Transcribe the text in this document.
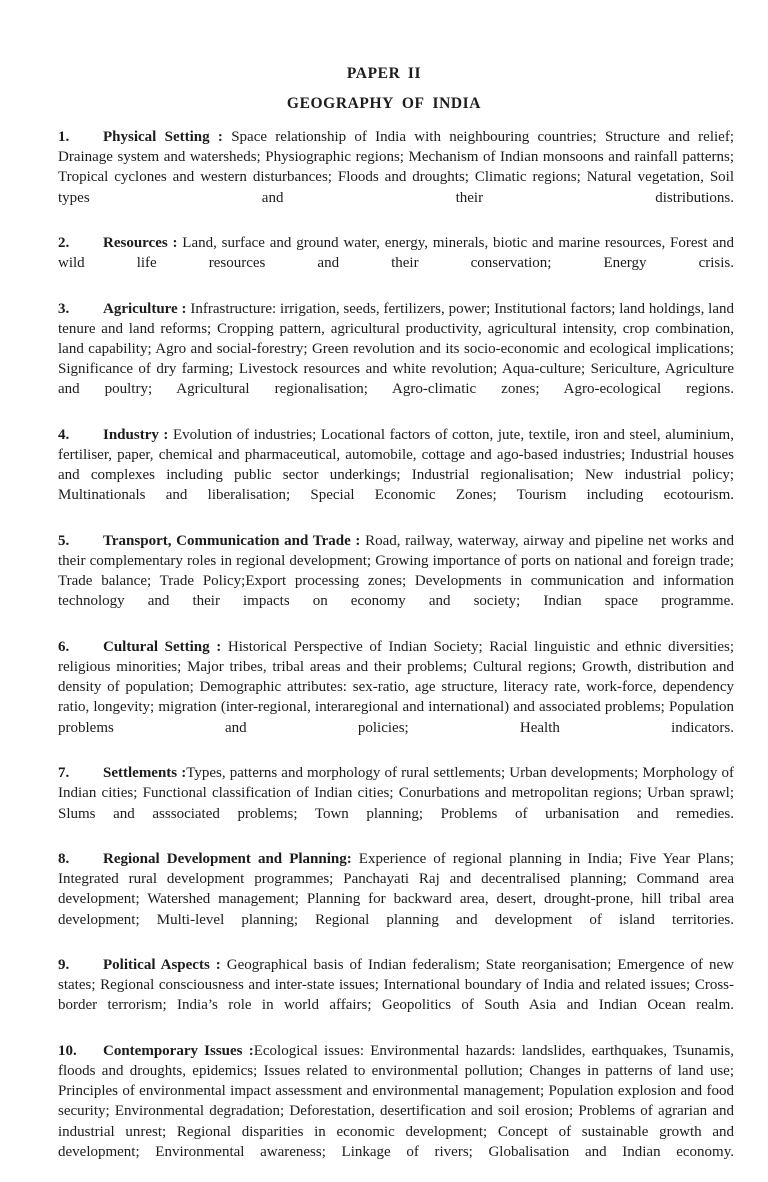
PAPER II
GEOGRAPHY OF INDIA

1. Physical Setting : Space relationship of India with neighbouring countries; Structure and relief; Drainage system and watersheds; Physiographic regions; Mechanism of Indian monsoons and rainfall patterns; Tropical cyclones and western disturbances; Floods and droughts; Climatic regions; Natural vegetation, Soil types and their distributions.

2. Resources : Land, surface and ground water, energy, minerals, biotic and marine resources, Forest and wild life resources and their conservation; Energy crisis.

3. Agriculture : Infrastructure: irrigation, seeds, fertilizers, power; Institutional factors; land holdings, land tenure and land reforms; Cropping pattern, agricultural productivity, agricultural intensity, crop combination, land capability; Agro and social-forestry; Green revolution and its socio-economic and ecological implications; Significance of dry farming; Livestock resources and white revolution; Aqua-culture; Sericulture, Agriculture and poultry; Agricultural regionalisation; Agro-climatic zones; Agro-ecological regions.

4. Industry : Evolution of industries; Locational factors of cotton, jute, textile, iron and steel, aluminium, fertiliser, paper, chemical and pharmaceutical, automobile, cottage and ago-based industries; Industrial houses and complexes including public sector underkings; Industrial regionalisation; New industrial policy; Multinationals and liberalisation; Special Economic Zones; Tourism including ecotourism.

5. Transport, Communication and Trade : Road, railway, waterway, airway and pipeline net works and their complementary roles in regional development; Growing importance of ports on national and foreign trade; Trade balance; Trade Policy;Export processing zones; Developments in communication and information technology and their impacts on economy and society; Indian space programme.

6. Cultural Setting : Historical Perspective of Indian Society; Racial linguistic and ethnic diversities; religious minorities; Major tribes, tribal areas and their problems; Cultural regions; Growth, distribution and density of population; Demographic attributes: sex-ratio, age structure, literacy rate, work-force, dependency ratio, longevity; migration (inter-regional, interaregional and international) and associated problems; Population problems and policies; Health indicators.

7. Settlements :Types, patterns and morphology of rural settlements; Urban developments; Morphology of Indian cities; Functional classification of Indian cities; Conurbations and metropolitan regions; Urban sprawl; Slums and asssociated problems; Town planning; Problems of urbanisation and remedies.

8. Regional Development and Planning: Experience of regional planning in India; Five Year Plans; Integrated rural development programmes; Panchayati Raj and decentralised planning; Command area development; Watershed management; Planning for backward area, desert, drought-prone, hill tribal area development; Multi-level planning; Regional planning and development of island territories.

9. Political Aspects : Geographical basis of Indian federalism; State reorganisation; Emergence of new states; Regional consciousness and inter-state issues; International boundary of India and related issues; Cross-border terrorism; India’s role in world affairs; Geopolitics of South Asia and Indian Ocean realm.

10. Contemporary Issues :Ecological issues: Environmental hazards: landslides, earthquakes, Tsunamis, floods and droughts, epidemics; Issues related to environmental pollution; Changes in patterns of land use; Principles of environmental impact assessment and environmental management; Population explosion and food security; Environmental degradation; Deforestation, desertification and soil erosion; Problems of agrarian and industrial unrest; Regional disparities in economic development; Concept of sustainable growth and development; Environmental awareness; Linkage of rivers; Globalisation and Indian economy.
